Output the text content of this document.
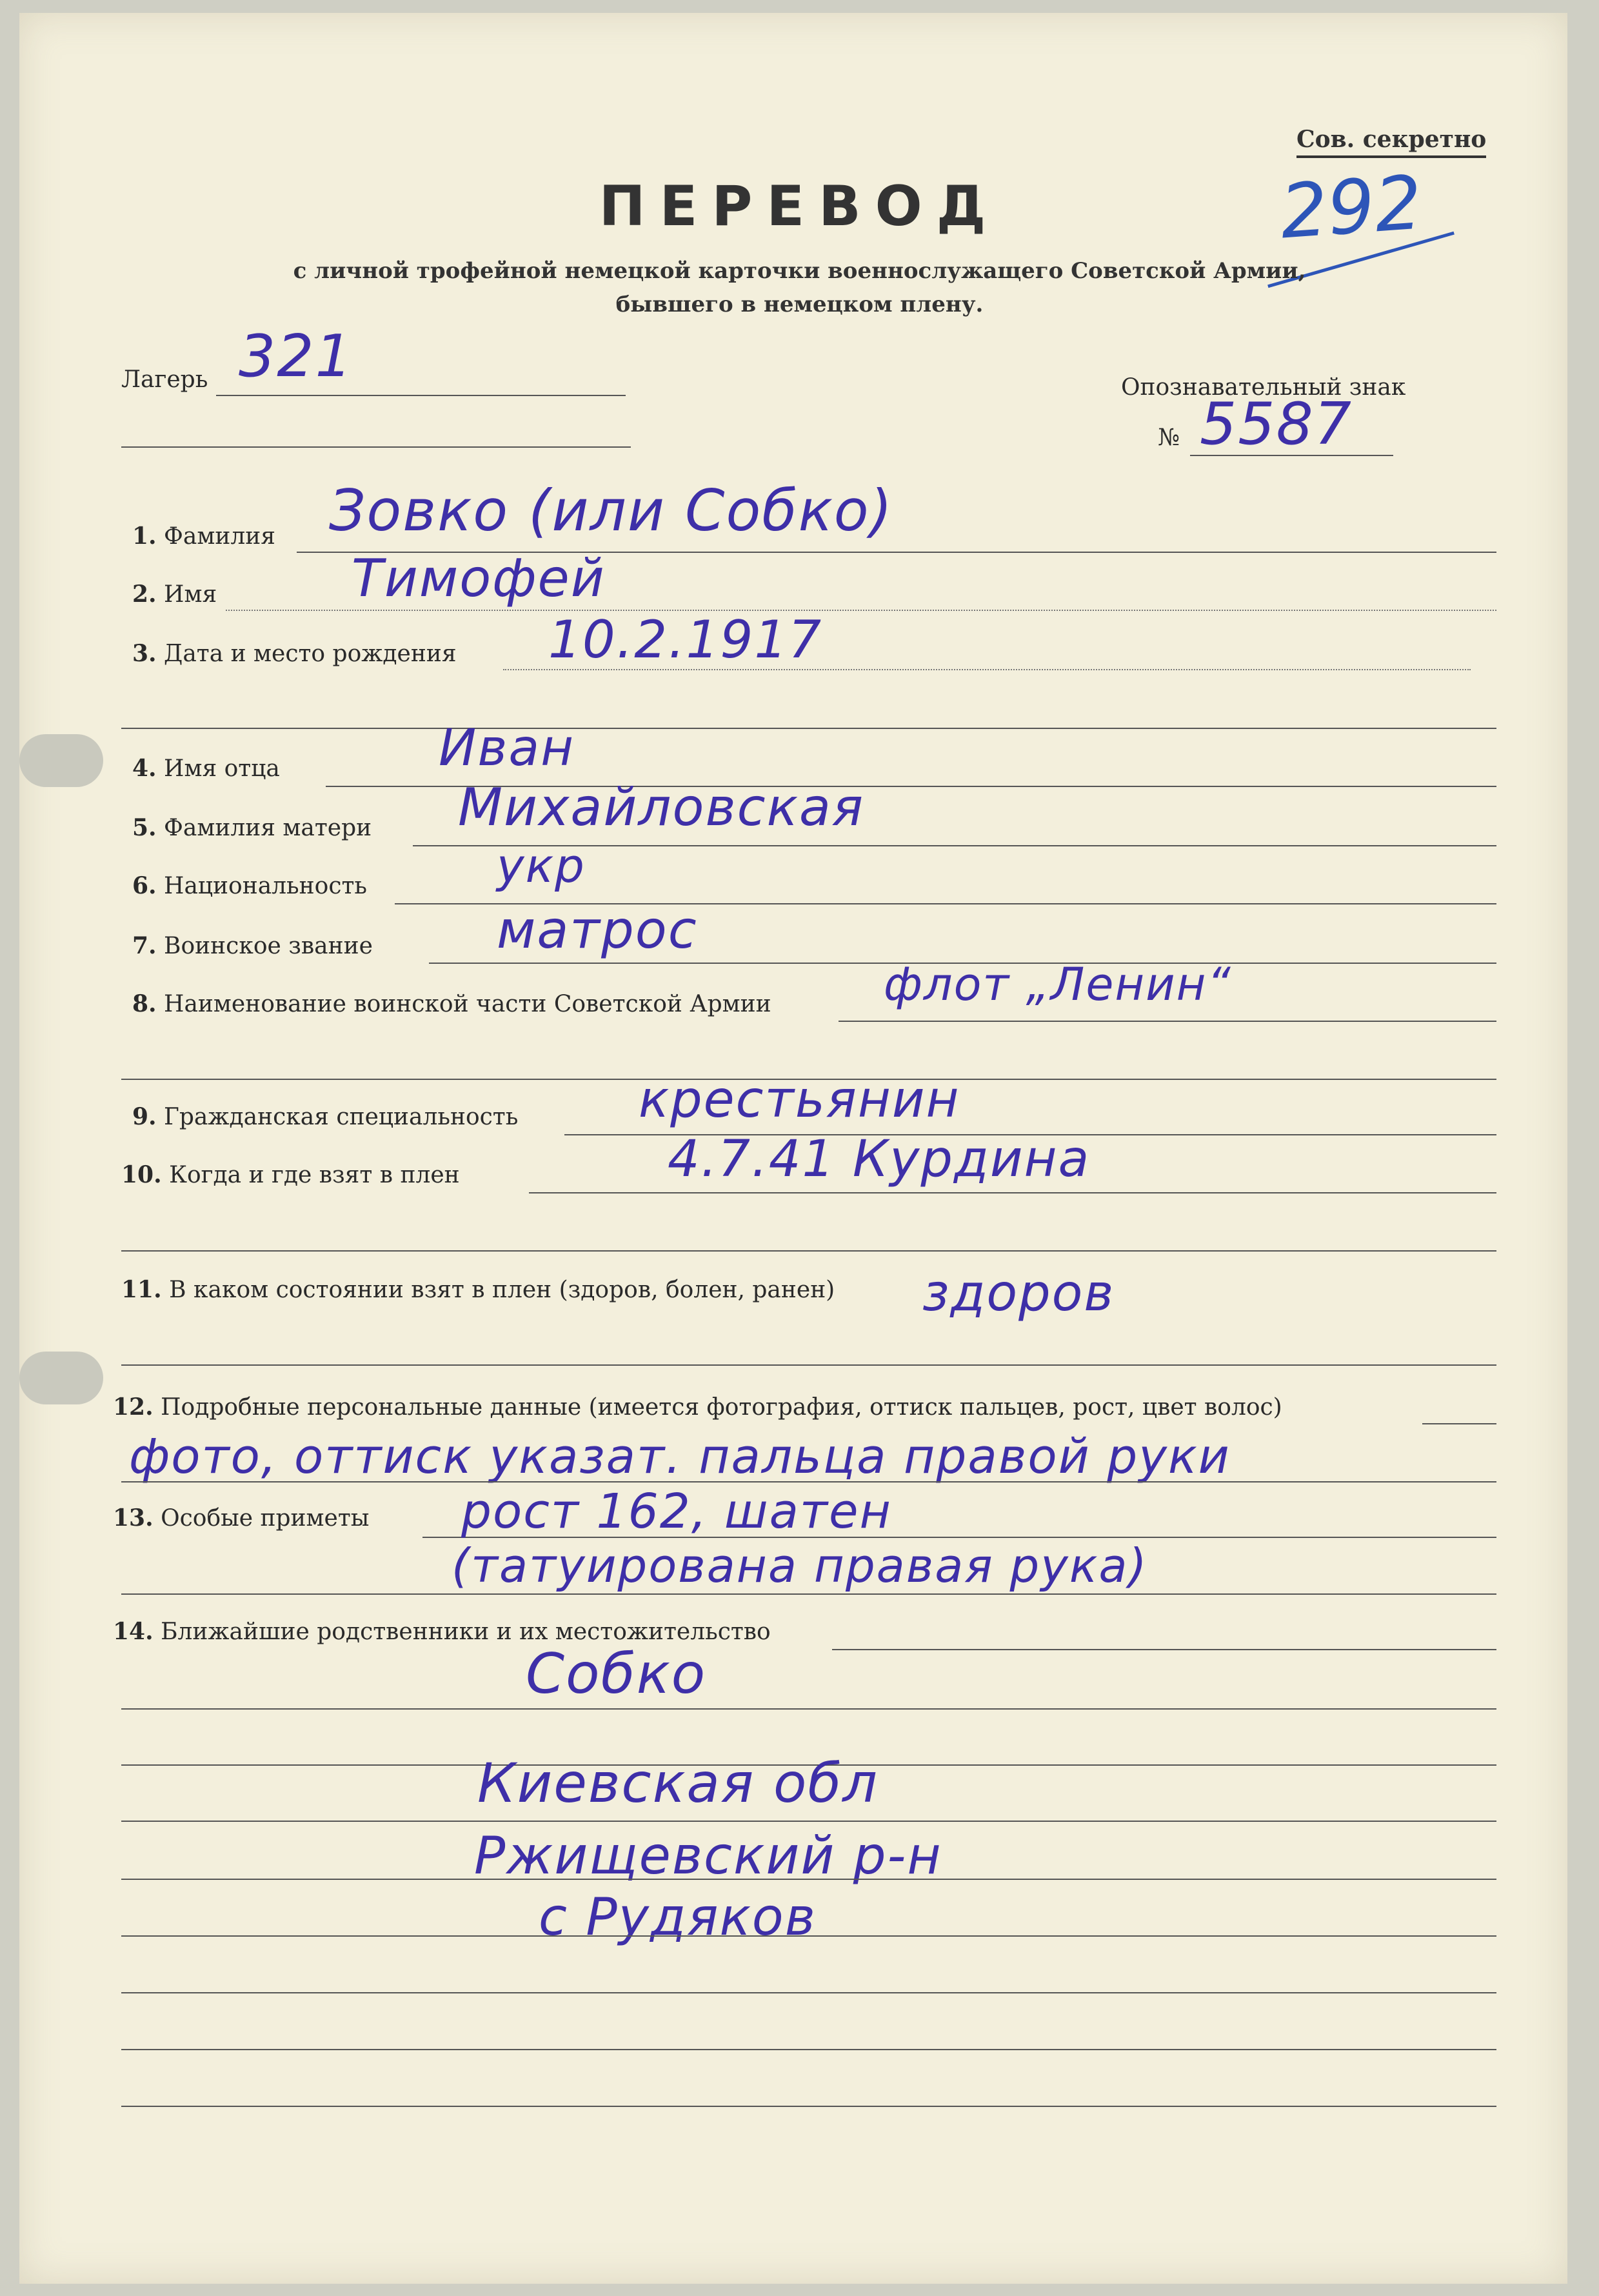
Сов. секретно
292
ПЕРЕВОД
с личной трофейной немецкой карточки военнослужащего Советской Армии,
бывшего в немецком плену.
Лагерь 321	Опознавательный знак
№ 5587
1. Фамилия Зовко (или Собко)
2. Имя	Тимофей
3. Дата и место рождения 10.2.1917
4. Имя отца	Иван
5. Фамилия матери Михайловская
6. Национальность	укр
7. Воинское звание матрос
8. Наименование воинской части Советской Армии флот „Ленин“
9. Гражданская специальность крестьянин
10. Когда и где взят в плен	4.7.41 Курдина
11. В каком состоянии взят в плен (здоров, болен, ранен) здоров
12. Подробные персональные данные (имеется фотография, оттиск пальцев, рост, цвет волос)
фото, оттиск указат. пальца правой руки
13. Особые приметы рост 162, шатен
(татуирована правая рука)
14. Ближайшие родственники и их местожительство
Собко
Киевская обл
Ржищевский р-н
с Рудяков
